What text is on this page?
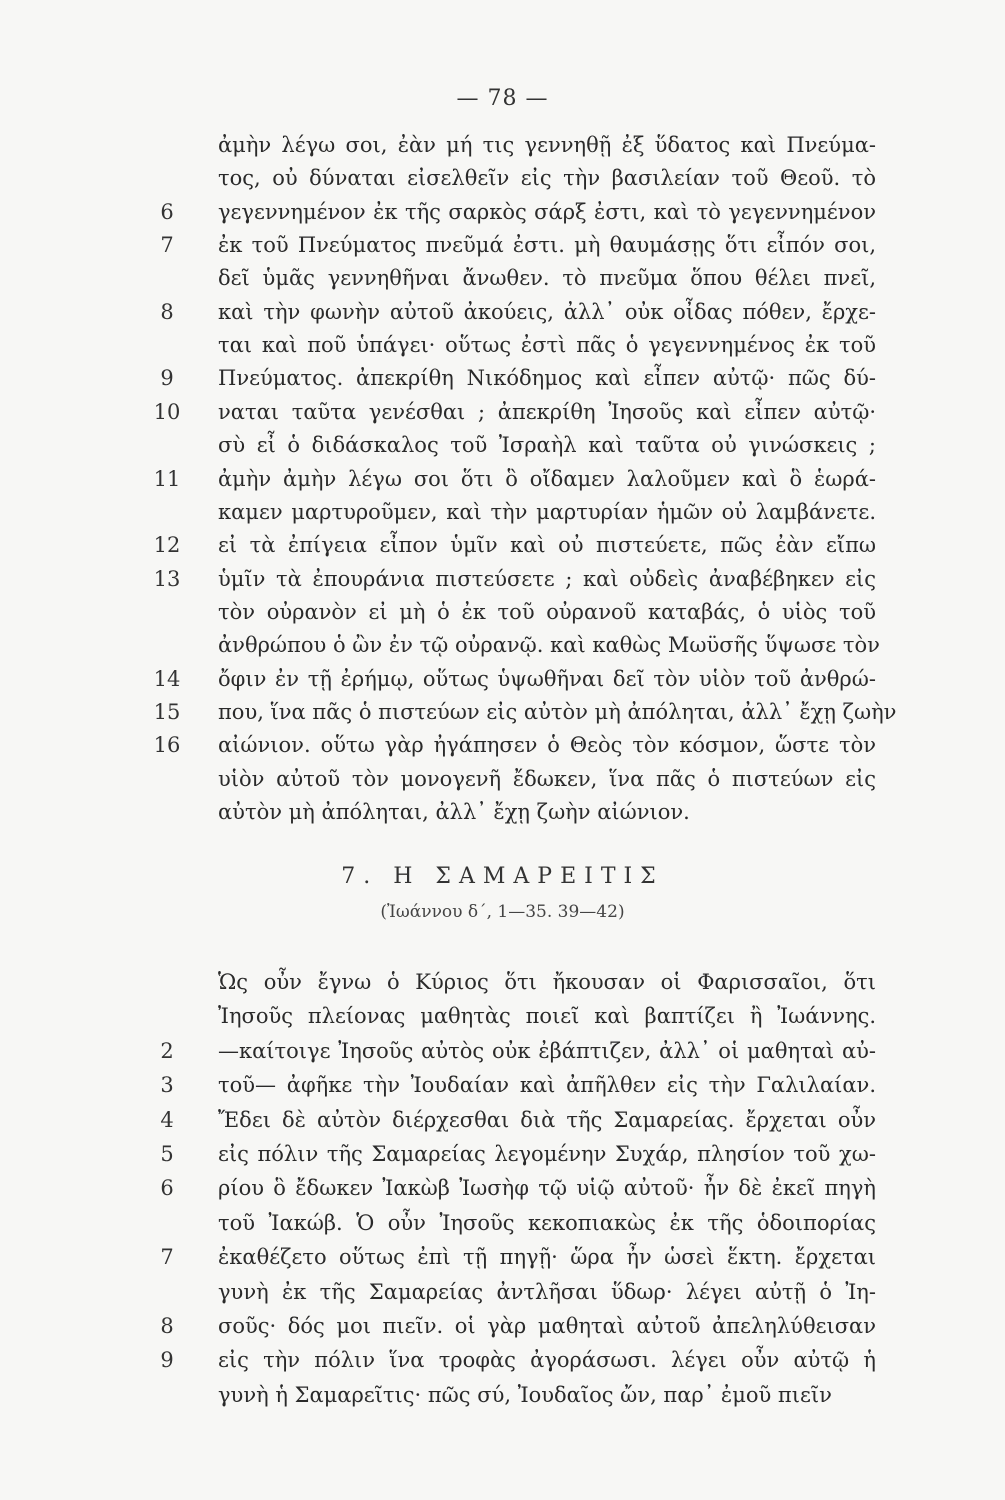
— 78 —
ἀμὴν λέγω σοι, ἐὰν μή τις γεννηθῇ ἐξ ὕδατος καὶ Πνεύμα-
τος, οὐ δύναται εἰσελθεῖν εἰς τὴν βασιλείαν τοῦ Θεοῦ. τὸ
γεγεννημένον ἐκ τῆς σαρκὸς σάρξ ἐστι, καὶ τὸ γεγεννημένον
6
ἐκ τοῦ Πνεύματος πνεῦμά ἐστι. μὴ θαυμάσῃς ὅτι εἶπόν σοι,
7
δεῖ ὑμᾶς γεννηθῆναι ἄνωθεν. τὸ πνεῦμα ὅπου θέλει πνεῖ,
καὶ τὴν φωνὴν αὐτοῦ ἀκούεις, ἀλλ᾽ οὐκ οἶδας πόθεν, ἔρχε-
8
ται καὶ ποῦ ὑπάγει· οὕτως ἐστὶ πᾶς ὁ γεγεννημένος ἐκ τοῦ
Πνεύματος. ἀπεκρίθη Νικόδημος καὶ εἶπεν αὐτῷ· πῶς δύ-
9
ναται ταῦτα γενέσθαι ; ἀπεκρίθη Ἰησοῦς καὶ εἶπεν αὐτῷ·
10
σὺ εἶ ὁ διδάσκαλος τοῦ Ἰσραὴλ καὶ ταῦτα οὐ γινώσκεις ;
ἀμὴν ἀμὴν λέγω σοι ὅτι ὃ οἴδαμεν λαλοῦμεν καὶ ὃ ἑωρά-
11
καμεν μαρτυροῦμεν, καὶ τὴν μαρτυρίαν ἡμῶν οὐ λαμβάνετε.
εἰ τὰ ἐπίγεια εἶπον ὑμῖν καὶ οὐ πιστεύετε, πῶς ἐὰν εἴπω
12
ὑμῖν τὰ ἐπουράνια πιστεύσετε ; καὶ οὐδεὶς ἀναβέβηκεν εἰς
13
τὸν οὐρανὸν εἰ μὴ ὁ ἐκ τοῦ οὐρανοῦ καταβάς, ὁ υἱὸς τοῦ
ἀνθρώπου ὁ ὢν ἐν τῷ οὐρανῷ. καὶ καθὼς Μωϋσῆς ὕψωσε τὸν
ὄφιν ἐν τῇ ἐρήμῳ, οὕτως ὑψωθῆναι δεῖ τὸν υἱὸν τοῦ ἀνθρώ-
14
που, ἵνα πᾶς ὁ πιστεύων εἰς αὐτὸν μὴ ἀπόληται, ἀλλ᾽ ἔχῃ ζωὴν
15
αἰώνιον. οὕτω γὰρ ἠγάπησεν ὁ Θεὸς τὸν κόσμον, ὥστε τὸν
16
υἱὸν αὐτοῦ τὸν μονογενῆ ἔδωκεν, ἵνα πᾶς ὁ πιστεύων εἰς
αὐτὸν μὴ ἀπόληται, ἀλλ᾽ ἔχῃ ζωὴν αἰώνιον.
7. Η ΣΑΜΑΡΕΙΤΙΣ
(Ἰωάννου δ΄, 1—35. 39—42)
Ὡς οὖν ἔγνω ὁ Κύριος ὅτι ἤκουσαν οἱ Φαρισσαῖοι, ὅτι
Ἰησοῦς πλείονας μαθητὰς ποιεῖ καὶ βαπτίζει ἢ Ἰωάννης.
—καίτοιγε Ἰησοῦς αὐτὸς οὐκ ἐβάπτιζεν, ἀλλ᾽ οἱ μαθηταὶ αὐ-
2
τοῦ— ἀφῆκε τὴν Ἰουδαίαν καὶ ἀπῆλθεν εἰς τὴν Γαλιλαίαν.
3
Ἔδει δὲ αὐτὸν διέρχεσθαι διὰ τῆς Σαμαρείας. ἔρχεται οὖν
4
εἰς πόλιν τῆς Σαμαρείας λεγομένην Συχάρ, πλησίον τοῦ χω-
5
ρίου ὃ ἔδωκεν Ἰακὼβ Ἰωσὴφ τῷ υἱῷ αὐτοῦ· ἦν δὲ ἐκεῖ πηγὴ
6
τοῦ Ἰακώβ. Ὁ οὖν Ἰησοῦς κεκοπιακὼς ἐκ τῆς ὁδοιπορίας
ἐκαθέζετο οὕτως ἐπὶ τῇ πηγῇ· ὥρα ἦν ὡσεὶ ἕκτη. ἔρχεται
7
γυνὴ ἐκ τῆς Σαμαρείας ἀντλῆσαι ὕδωρ· λέγει αὐτῇ ὁ Ἰη-
σοῦς· δός μοι πιεῖν. οἱ γὰρ μαθηταὶ αὐτοῦ ἀπεληλύθεισαν
8
εἰς τὴν πόλιν ἵνα τροφὰς ἀγοράσωσι. λέγει οὖν αὐτῷ ἡ
9
γυνὴ ἡ Σαμαρεῖτις· πῶς σύ, Ἰουδαῖος ὤν, παρ᾽ ἐμοῦ πιεῖν
